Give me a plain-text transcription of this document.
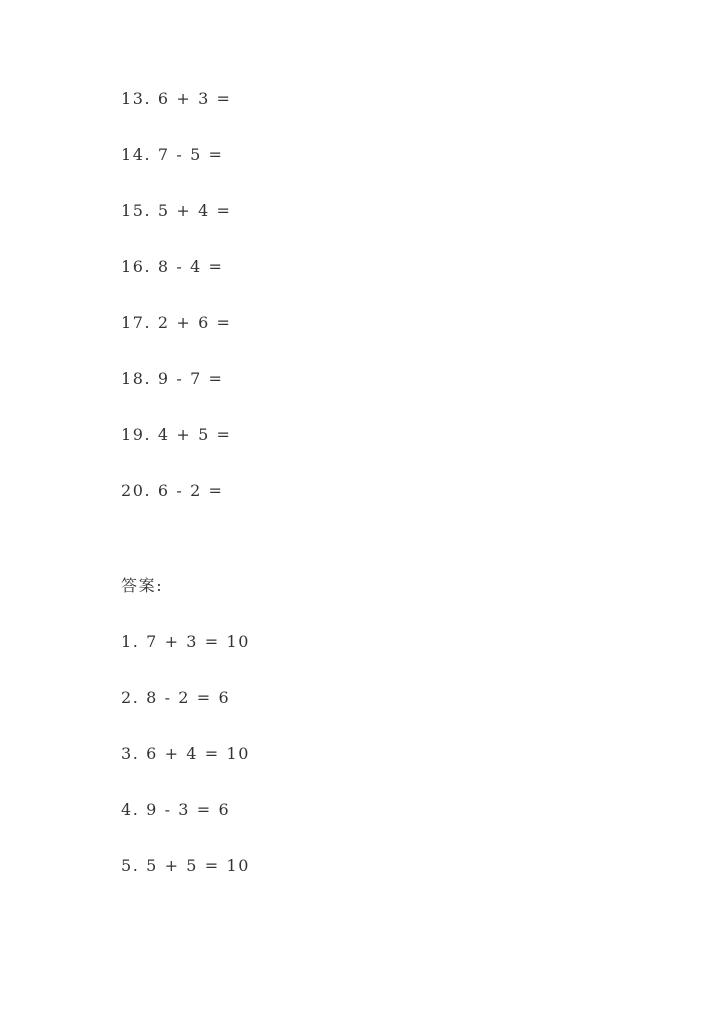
13. 6 + 3 =
14. 7 - 5 =
15. 5 + 4 =
16. 8 - 4 =
17. 2 + 6 =
18. 9 - 7 =
19. 4 + 5 =
20. 6 - 2 =
答案:
1. 7 + 3 = 10
2. 8 - 2 = 6
3. 6 + 4 = 10
4. 9 - 3 = 6
5. 5 + 5 = 10
